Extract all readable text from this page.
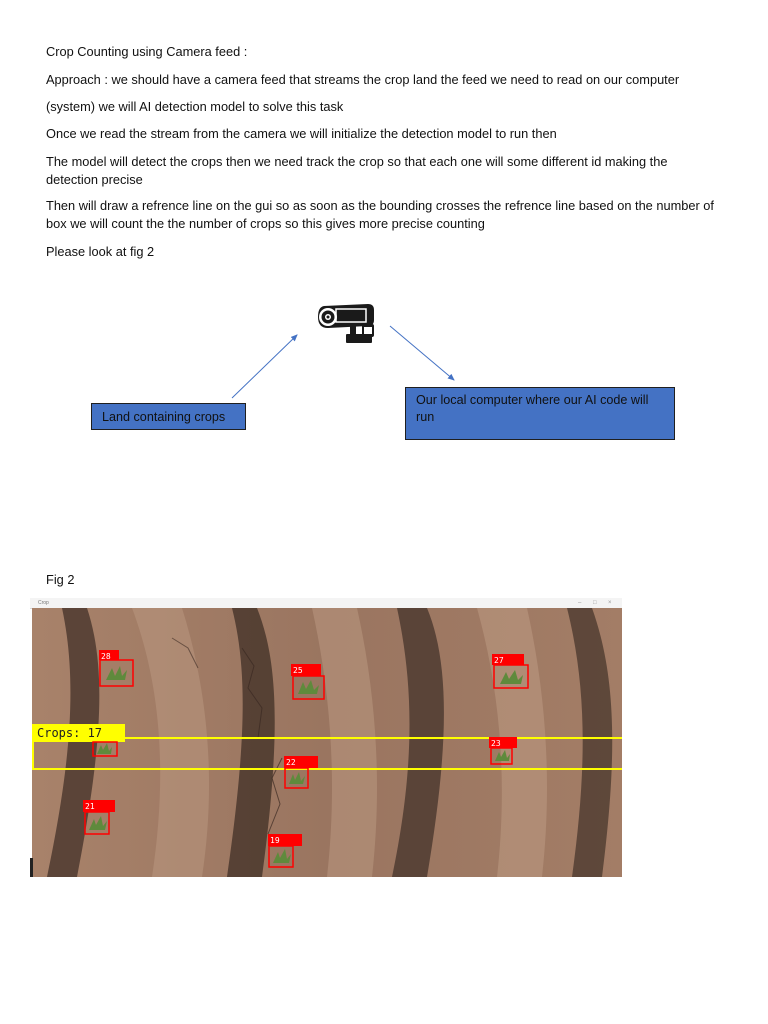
Crop Counting using Camera feed :

Approach : we should have a camera feed that streams the crop land the feed we need to read on our computer

(system) we will AI detection model to solve this task

Once we read the stream from the camera we will initialize the detection model to run then

The model will detect the crops then we need track the crop so that each one will some different id making the detection precise

Then will draw a refrence line on the gui so as soon as the bounding crosses the refrence line based on the number of box we will count the the number of crops so this gives more precise counting

Please look at fig 2

Land containing crops
Our local computer where our AI code will run
Fig 2
Crop	– □ ×
Crops: 17
28
25
27
23
22
21
19
